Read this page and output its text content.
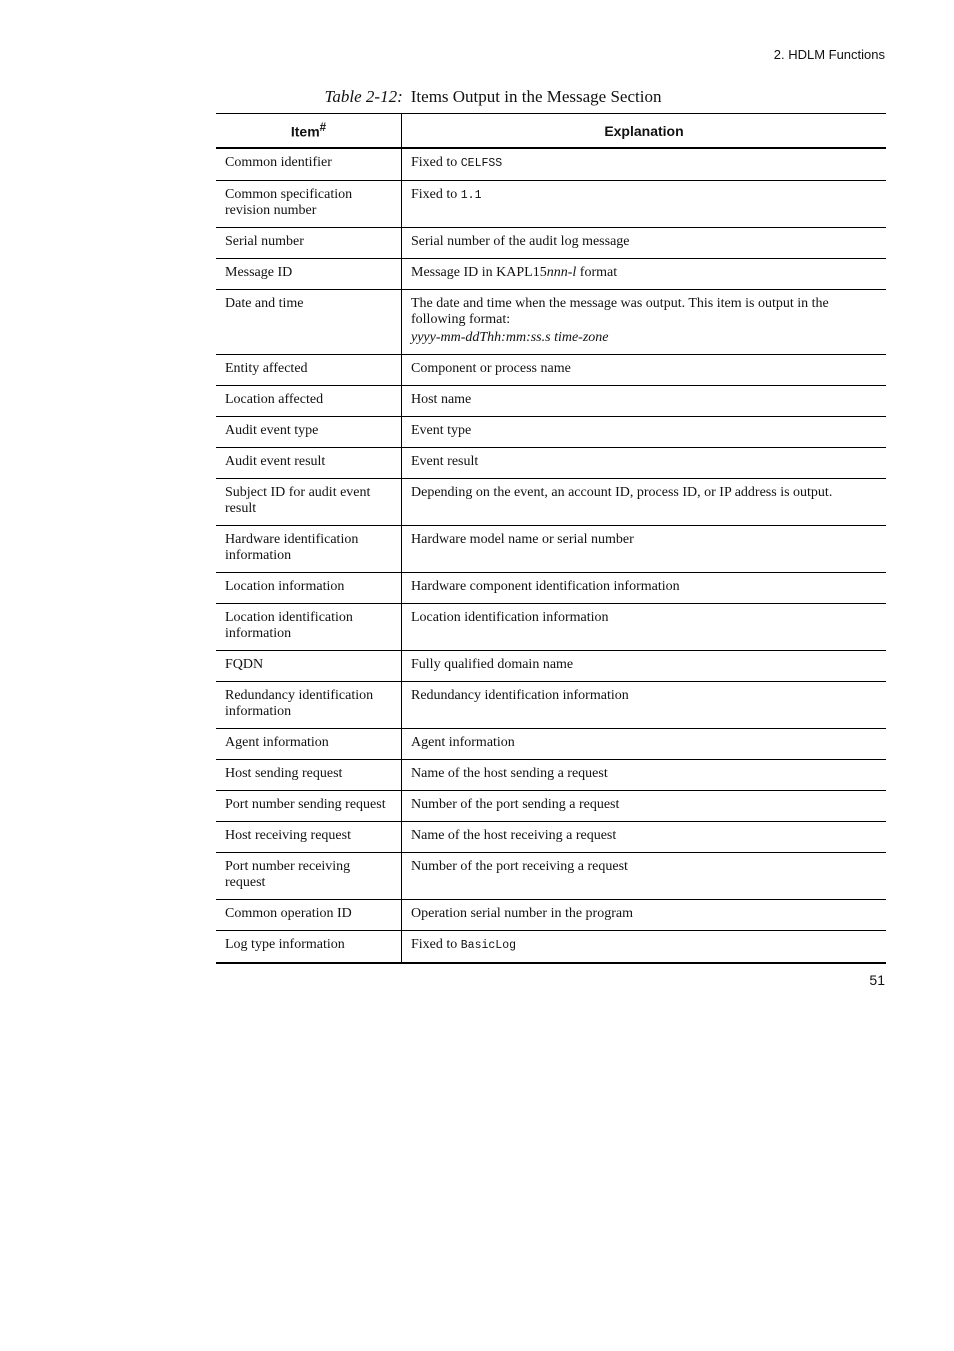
2. HDLM Functions
Table 2-12: Items Output in the Message Section
Item#	Explanation
Common identifier	Fixed to CELFSS
Common specification revision number	Fixed to 1.1
Serial number	Serial number of the audit log message
Message ID	Message ID in KAPL15nnn-l format
Date and time	The date and time when the message was output. This item is output in the following format:
yyyy-mm-ddThh:mm:ss.s time-zone

Entity affected	Component or process name
Location affected	Host name
Audit event type	Event type
Audit event result	Event result
Subject ID for audit event result	Depending on the event, an account ID, process ID, or IP address is output.
Hardware identification information	Hardware model name or serial number
Location information	Hardware component identification information
Location identification information	Location identification information
FQDN	Fully qualified domain name
Redundancy identification information	Redundancy identification information
Agent information	Agent information
Host sending request	Name of the host sending a request
Port number sending request	Number of the port sending a request
Host receiving request	Name of the host receiving a request
Port number receiving request	Number of the port receiving a request
Common operation ID	Operation serial number in the program
Log type information	Fixed to BasicLog
51
